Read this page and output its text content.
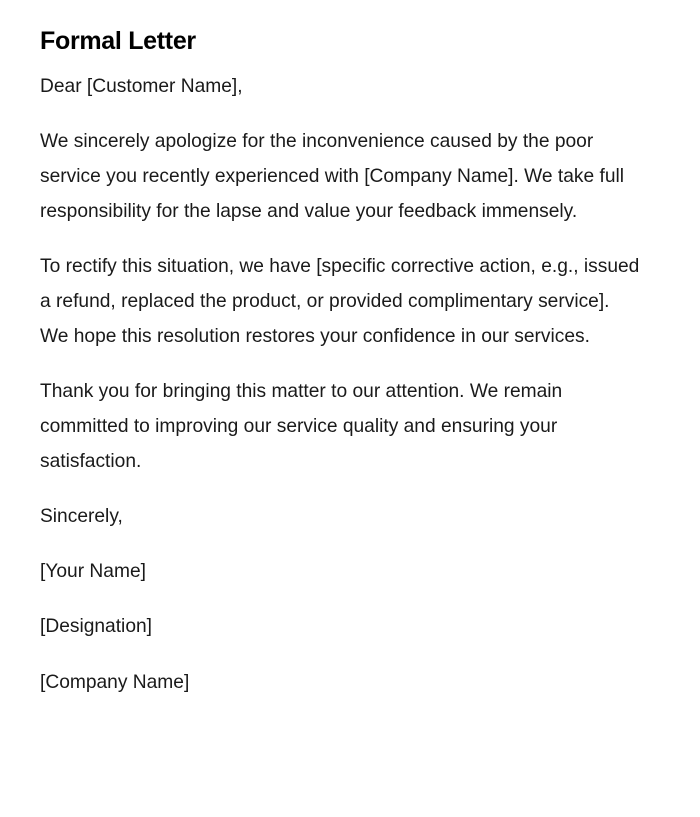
Formal Letter

Dear [Customer Name],

We sincerely apologize for the inconvenience caused by the poor service you recently experienced with [Company Name]. We take full responsibility for the lapse and value your feedback immensely.

To rectify this situation, we have [specific corrective action, e.g., issued a refund, replaced the product, or provided complimentary service]. We hope this resolution restores your confidence in our services.

Thank you for bringing this matter to our attention. We remain committed to improving our service quality and ensuring your satisfaction.

Sincerely,

[Your Name]

[Designation]

[Company Name]
